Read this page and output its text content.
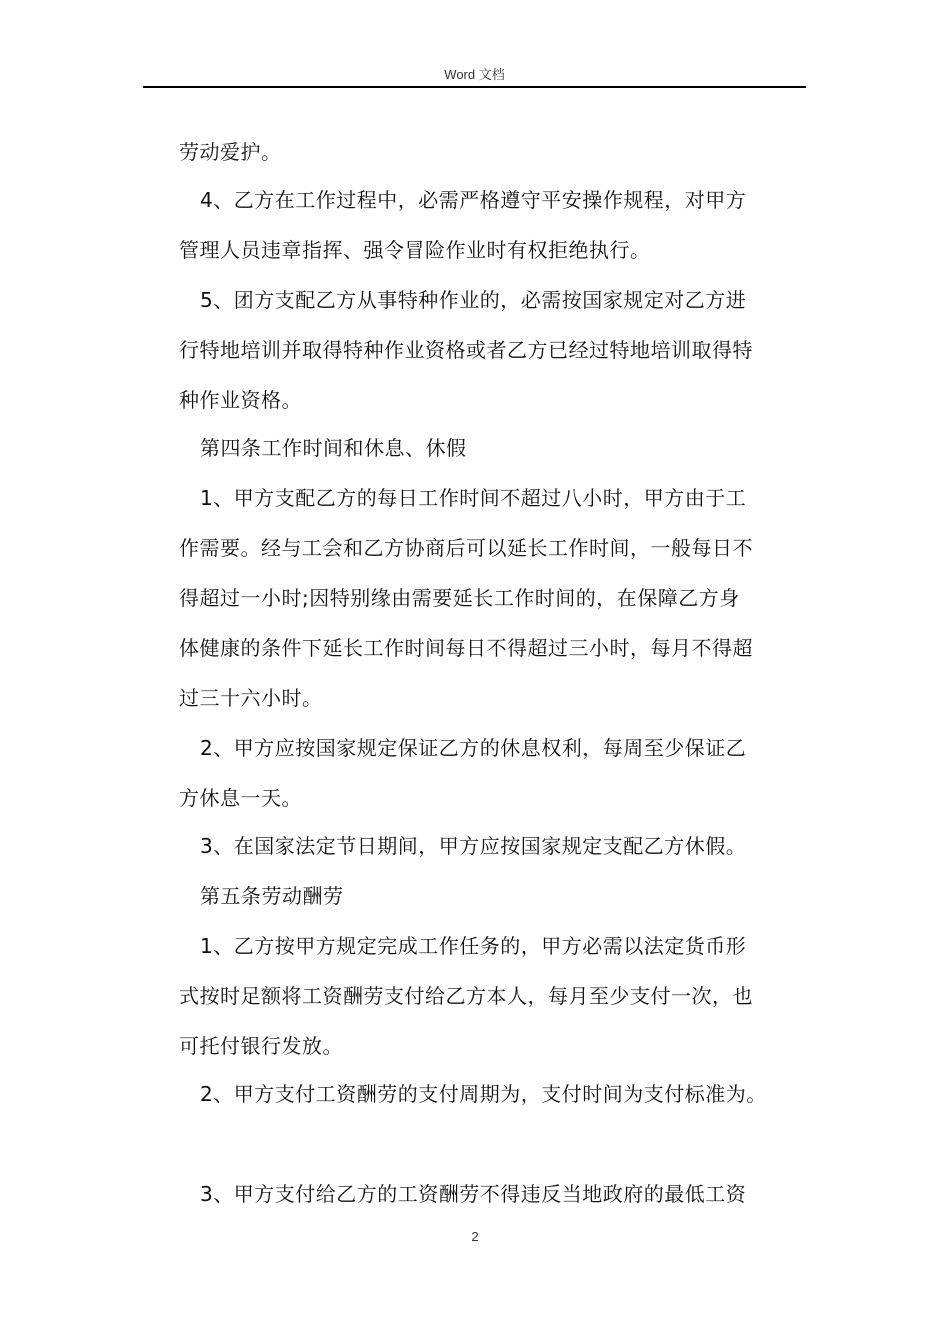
Word 文档
劳动爱护。
4、乙方在工作过程中，必需严格遵守平安操作规程，对甲方
管理人员违章指挥、强令冒险作业时有权拒绝执行。
5、团方支配乙方从事特种作业的，必需按国家规定对乙方进
行特地培训并取得特种作业资格或者乙方已经过特地培训取得特
种作业资格。
第四条工作时间和休息、休假
1、甲方支配乙方的每日工作时间不超过八小时，甲方由于工
作需要。经与工会和乙方协商后可以延长工作时间，一般每日不
得超过一小时;因特别缘由需要延长工作时间的，在保障乙方身
体健康的条件下延长工作时间每日不得超过三小时，每月不得超
过三十六小时。
2、甲方应按国家规定保证乙方的休息权利，每周至少保证乙
方休息一天。
3、在国家法定节日期间，甲方应按国家规定支配乙方休假。
第五条劳动酬劳
1、乙方按甲方规定完成工作任务的，甲方必需以法定货币形
式按时足额将工资酬劳支付给乙方本人，每月至少支付一次，也
可托付银行发放。
2、甲方支付工资酬劳的支付周期为，支付时间为支付标准为。
3、甲方支付给乙方的工资酬劳不得违反当地政府的最低工资
2
